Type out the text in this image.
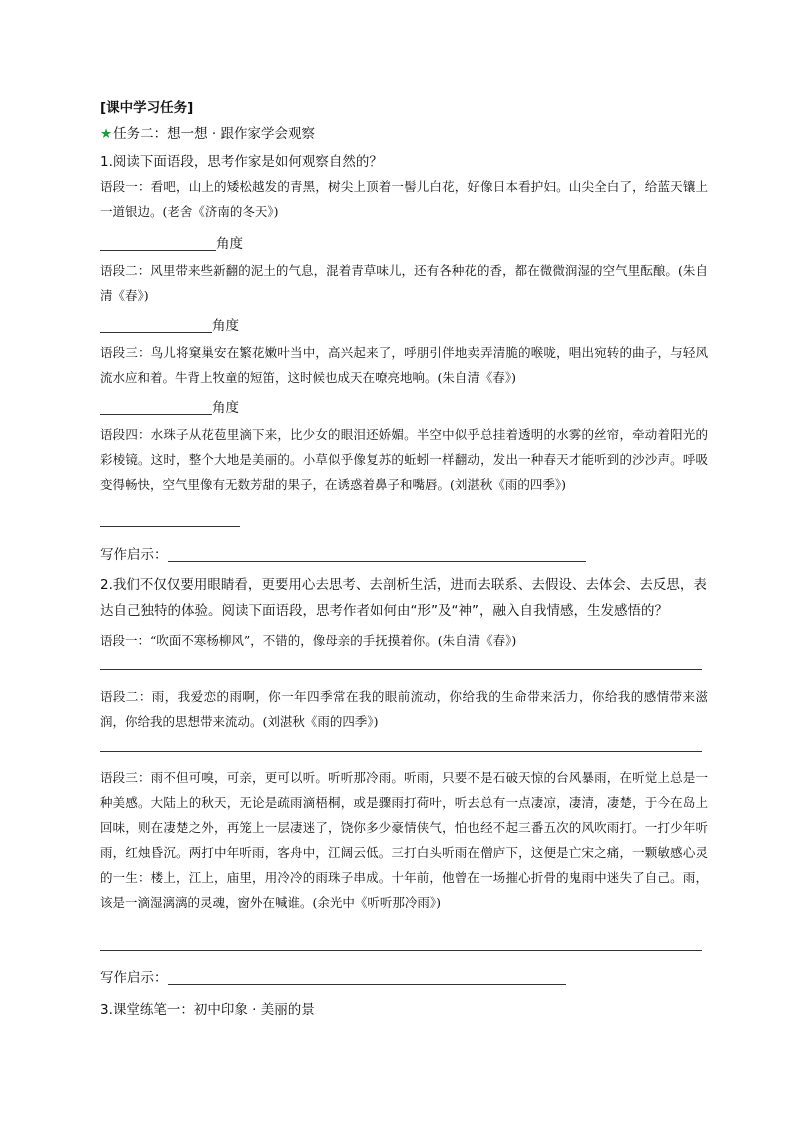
[课中学习任务]
★任务二：想一想 · 跟作家学会观察
1.阅读下面语段，思考作家是如何观察自然的？
语段一：看吧，山上的矮松越发的青黑，树尖上顶着一髻儿白花，好像日本看护妇。山尖全白了，给蓝天镶上一道银边。(老舍《济南的冬天》)
角度
语段二：风里带来些新翻的泥土的气息，混着青草味儿，还有各种花的香，都在微微润湿的空气里酝酿。(朱自清《春》)
角度
语段三：鸟儿将窠巢安在繁花嫩叶当中，高兴起来了，呼朋引伴地卖弄清脆的喉咙，唱出宛转的曲子，与轻风流水应和着。牛背上牧童的短笛，这时候也成天在嘹亮地响。(朱自清《春》)
角度
语段四：水珠子从花苞里滴下来，比少女的眼泪还娇媚。半空中似乎总挂着透明的水雾的丝帘，牵动着阳光的彩棱镜。这时，整个大地是美丽的。小草似乎像复苏的蚯蚓一样翻动，发出一种春天才能听到的沙沙声。呼吸变得畅快，空气里像有无数芳甜的果子，在诱惑着鼻子和嘴唇。(刘湛秋《雨的四季》)
写作启示：
2.我们不仅仅要用眼睛看，更要用心去思考、去剖析生活，进而去联系、去假设、去体会、去反思，表达自己独特的体验。阅读下面语段，思考作者如何由“形”及“神”，融入自我情感，生发感悟的？
语段一：“吹面不寒杨柳风”，不错的，像母亲的手抚摸着你。(朱自清《春》)
语段二：雨，我爱恋的雨啊，你一年四季常在我的眼前流动，你给我的生命带来活力，你给我的感情带来滋润，你给我的思想带来流动。(刘湛秋《雨的四季》)
语段三：雨不但可嗅，可亲，更可以听。听听那冷雨。听雨，只要不是石破天惊的台风暴雨，在听觉上总是一种美感。大陆上的秋天，无论是疏雨滴梧桐，或是骤雨打荷叶，听去总有一点凄凉，凄清，凄楚，于今在岛上回味，则在凄楚之外，再笼上一层凄迷了，饶你多少豪情侠气，怕也经不起三番五次的风吹雨打。一打少年听雨，红烛昏沉。两打中年听雨，客舟中，江阔云低。三打白头听雨在僧庐下，这便是亡宋之痛，一颗敏感心灵的一生：楼上，江上，庙里，用冷冷的雨珠子串成。十年前，他曾在一场摧心折骨的鬼雨中迷失了自己。雨，该是一滴湿漓漓的灵魂，窗外在喊谁。(余光中《听听那冷雨》)
写作启示：
3.课堂练笔一：初中印象 · 美丽的景
